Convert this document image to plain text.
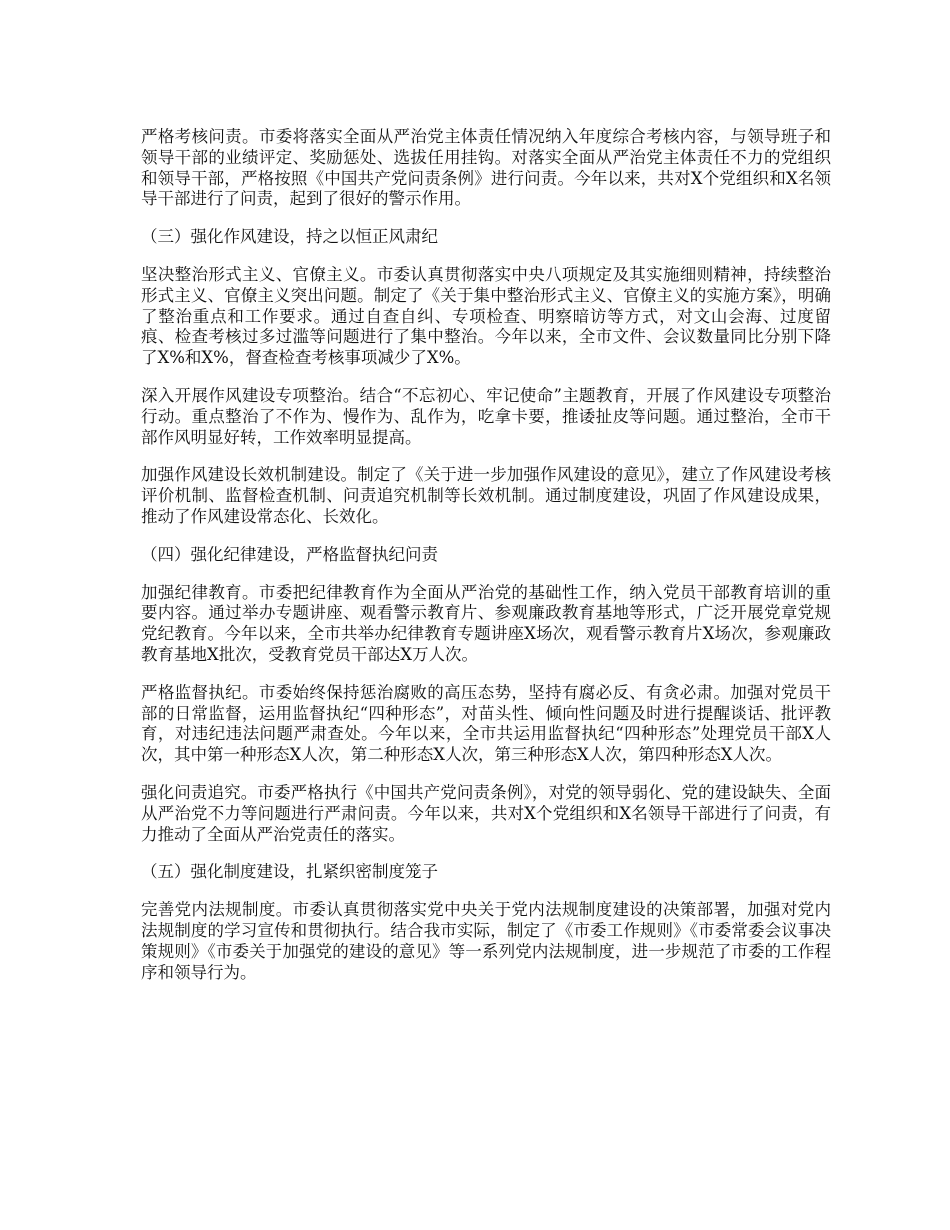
严格考核问责。市委将落实全面从严治党主体责任情况纳入年度综合考核内容，与领导班子和领导干部的业绩评定、奖励惩处、选拔任用挂钩。对落实全面从严治党主体责任不力的党组织和领导干部，严格按照《中国共产党问责条例》进行问责。今年以来，共对X个党组织和X名领导干部进行了问责，起到了很好的警示作用。

（三）强化作风建设，持之以恒正风肃纪

坚决整治形式主义、官僚主义。市委认真贯彻落实中央八项规定及其实施细则精神，持续整治形式主义、官僚主义突出问题。制定了《关于集中整治形式主义、官僚主义的实施方案》，明确了整治重点和工作要求。通过自查自纠、专项检查、明察暗访等方式，对文山会海、过度留痕、检查考核过多过滥等问题进行了集中整治。今年以来，全市文件、会议数量同比分别下降了X%和X%，督查检查考核事项减少了X%。

深入开展作风建设专项整治。结合“不忘初心、牢记使命”主题教育，开展了作风建设专项整治行动。重点整治了不作为、慢作为、乱作为，吃拿卡要，推诿扯皮等问题。通过整治，全市干部作风明显好转，工作效率明显提高。

加强作风建设长效机制建设。制定了《关于进一步加强作风建设的意见》，建立了作风建设考核评价机制、监督检查机制、问责追究机制等长效机制。通过制度建设，巩固了作风建设成果，推动了作风建设常态化、长效化。

（四）强化纪律建设，严格监督执纪问责

加强纪律教育。市委把纪律教育作为全面从严治党的基础性工作，纳入党员干部教育培训的重要内容。通过举办专题讲座、观看警示教育片、参观廉政教育基地等形式，广泛开展党章党规党纪教育。今年以来，全市共举办纪律教育专题讲座X场次，观看警示教育片X场次，参观廉政教育基地X批次，受教育党员干部达X万人次。

严格监督执纪。市委始终保持惩治腐败的高压态势，坚持有腐必反、有贪必肃。加强对党员干部的日常监督，运用监督执纪“四种形态”，对苗头性、倾向性问题及时进行提醒谈话、批评教育，对违纪违法问题严肃查处。今年以来，全市共运用监督执纪“四种形态”处理党员干部X人次，其中第一种形态X人次，第二种形态X人次，第三种形态X人次，第四种形态X人次。

强化问责追究。市委严格执行《中国共产党问责条例》，对党的领导弱化、党的建设缺失、全面从严治党不力等问题进行严肃问责。今年以来，共对X个党组织和X名领导干部进行了问责，有力推动了全面从严治党责任的落实。

（五）强化制度建设，扎紧织密制度笼子

完善党内法规制度。市委认真贯彻落实党中央关于党内法规制度建设的决策部署，加强对党内法规制度的学习宣传和贯彻执行。结合我市实际，制定了《市委工作规则》《市委常委会议事决策规则》《市委关于加强党的建设的意见》等一系列党内法规制度，进一步规范了市委的工作程序和领导行为。
